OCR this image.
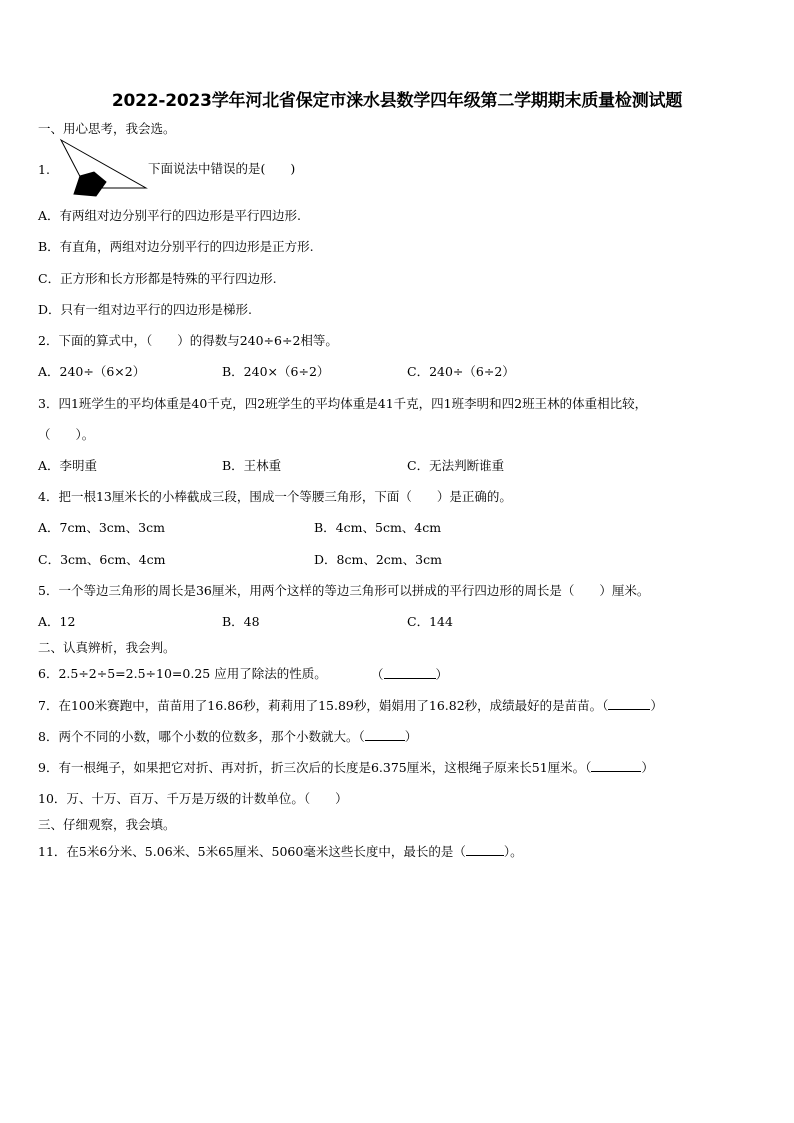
2022-2023学年河北省保定市涞水县数学四年级第二学期期末质量检测试题
一、用心思考，我会选。
1.	下面说法中错误的是(　　)
A．有两组对边分别平行的四边形是平行四边形.
B．有直角，两组对边分别平行的四边形是正方形.
C．正方形和长方形都是特殊的平行四边形.
D．只有一组对边平行的四边形是梯形.
2．下面的算式中，（　　）的得数与240÷6÷2相等。
A．240÷（6×2）	B．240×（6÷2）	C．240÷（6÷2）
3．四1班学生的平均体重是40千克，四2班学生的平均体重是41千克，四1班李明和四2班王林的体重相比较，
（　　）。
A．李明重	B．王林重	C．无法判断谁重
4．把一根13厘米长的小棒截成三段，围成一个等腰三角形，下面（　　）是正确的。
A．7cm、3cm、3cm	B．4cm、5cm、4cm
C．3cm、6cm、4cm	D．8cm、2cm、3cm
5．一个等边三角形的周长是36厘米，用两个这样的等边三角形可以拼成的平行四边形的周长是（　　）厘米。
A．12	B．48	C．144
二、认真辨析，我会判。
6．2.5÷2÷5=2.5÷10=0.25 应用了除法的性质。	（	）
7．在100米赛跑中，苗苗用了16.86秒，莉莉用了15.89秒，娟娟用了16.82秒，成绩最好的是苗苗。（	）
8．两个不同的小数，哪个小数的位数多，那个小数就大。（	）
9．有一根绳子，如果把它对折、再对折，折三次后的长度是6.375厘米，这根绳子原来长51厘米。（	）
10．万、十万、百万、千万是万级的计数单位。（　　）
三、仔细观察，我会填。
11．在5米6分米、5.06米、5米65厘米、5060毫米这些长度中，最长的是（	）。
